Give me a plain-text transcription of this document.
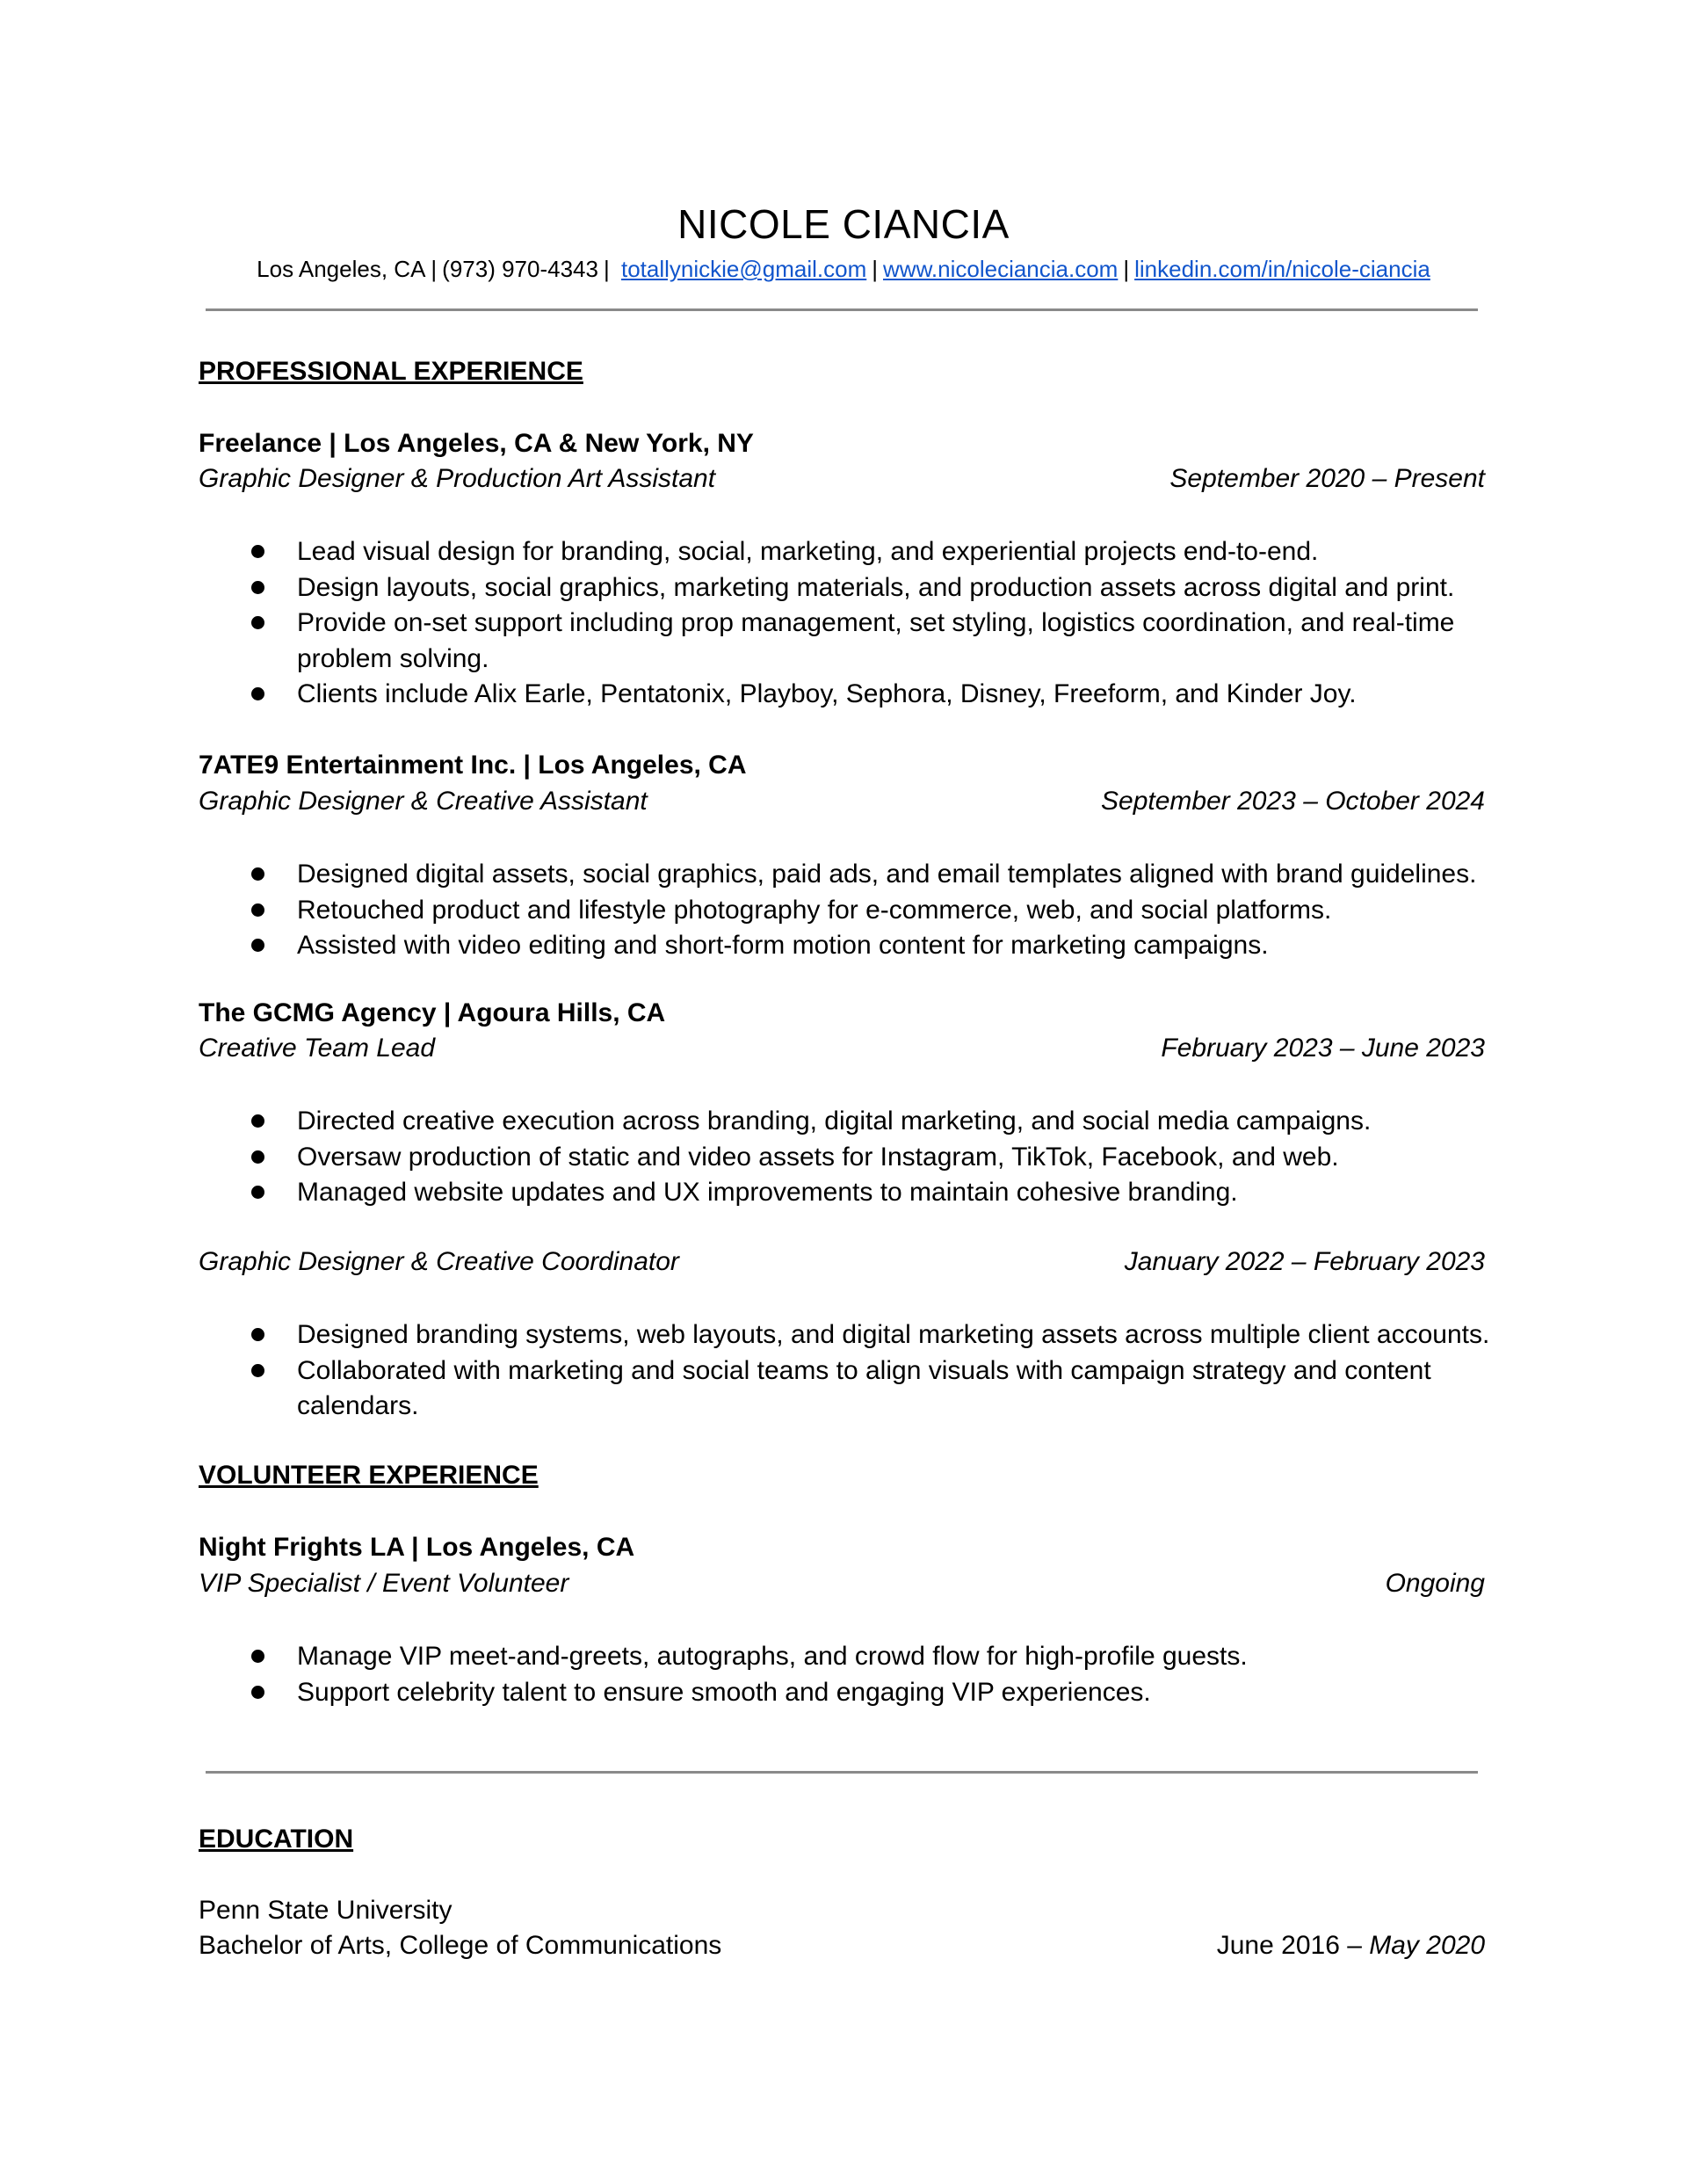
NICOLE CIANCIA
Los Angeles, CA | (973) 970-4343 | totallynickie@gmail.com | www.nicoleciancia.com | linkedin.com/in/nicole-ciancia
PROFESSIONAL EXPERIENCE
Freelance | Los Angeles, CA & New York, NY
Graphic Designer & Production Art Assistant	September 2020 – Present
Lead visual design for branding, social, marketing, and experiential projects end-to-end.
Design layouts, social graphics, marketing materials, and production assets across digital and print.
Provide on-set support including prop management, set styling, logistics coordination, and real-time problem solving.
Clients include Alix Earle, Pentatonix, Playboy, Sephora, Disney, Freeform, and Kinder Joy.
7ATE9 Entertainment Inc. | Los Angeles, CA
Graphic Designer & Creative Assistant	September 2023 – October 2024
Designed digital assets, social graphics, paid ads, and email templates aligned with brand guidelines.
Retouched product and lifestyle photography for e-commerce, web, and social platforms.
Assisted with video editing and short-form motion content for marketing campaigns.
The GCMG Agency | Agoura Hills, CA
Creative Team Lead	February 2023 – June 2023
Directed creative execution across branding, digital marketing, and social media campaigns.
Oversaw production of static and video assets for Instagram, TikTok, Facebook, and web.
Managed website updates and UX improvements to maintain cohesive branding.
Graphic Designer & Creative Coordinator	January 2022 – February 2023
Designed branding systems, web layouts, and digital marketing assets across multiple client accounts.
Collaborated with marketing and social teams to align visuals with campaign strategy and content calendars.
VOLUNTEER EXPERIENCE
Night Frights LA | Los Angeles, CA
VIP Specialist / Event Volunteer	Ongoing
Manage VIP meet-and-greets, autographs, and crowd flow for high-profile guests.
Support celebrity talent to ensure smooth and engaging VIP experiences.
EDUCATION
Penn State University
Bachelor of Arts, College of Communications	June 2016 – May 2020
